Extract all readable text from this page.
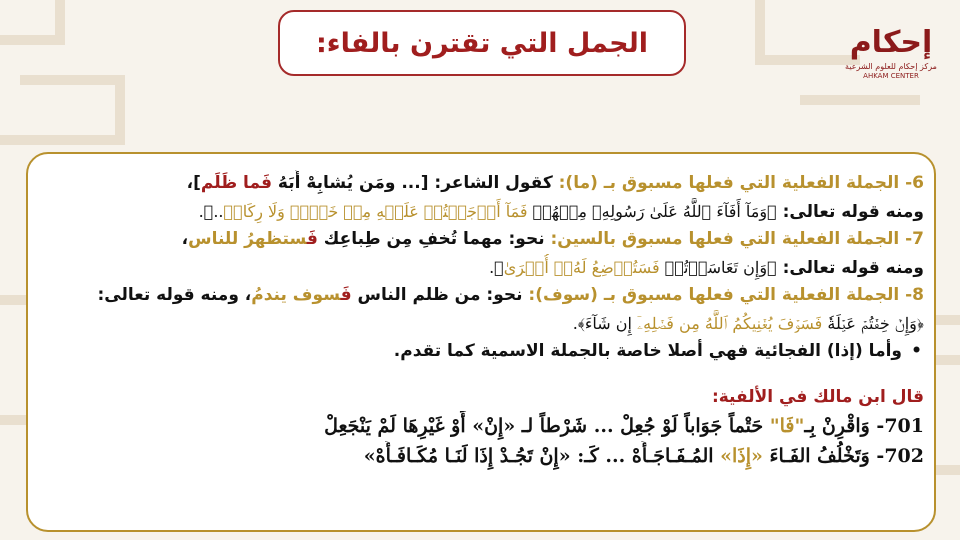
الجمل التي تقترن بالفاء:	إحكام
مركز إحكام للعلوم الشرعية
AHKAM CENTER
6- الجملة الفعلية التي فعلها مسبوق بـ (ما): كقول الشاعر: [... ومَن يُشابِهْ أَبَهُ فَما ظَلَم]،
ومنه قوله تعالى: ﴿وَمَآ أَفَآءَ ٱللَّهُ عَلَىٰ رَسُولِهِۦ مِنۡهُمۡ فَمَآ أَوۡجَفۡتُمۡ عَلَيۡهِ مِنۡ خَيۡلٖ وَلَا رِكَابٖ..﴾.
7- الجملة الفعلية التي فعلها مسبوق بالسين: نحو: مهما تُخفِ مِن طِباعِك فَستظهرُ للناس،
ومنه قوله تعالى: ﴿وَإِن تَعَاسَرۡتُمۡ فَسَتُرۡضِعُ لَهُۥٓ أُخۡرَىٰ﴾.
8- الجملة الفعلية التي فعلها مسبوق بـ (سوف): نحو: من ظلم الناس فَسوف يندمُ، ومنه قوله تعالى:
﴿وَإِنۡ خِفۡتُمۡ عَيۡلَةٗ فَسَوۡفَ يُغۡنِيكُمُ ٱللَّهُ مِن فَضۡلِهِۦٓ إِن شَآءَ﴾.
•
وأما (إذا) الفجائية فهي أصلا خاصة بالجملة الاسمية كما تقدم.
قال ابن مالك في الألفية:
701- وَاقْرِنْ بِـ"فَا" حَتْماً جَوَاباً لَوْ جُعِلْ ... شَرْطاً لـ «إِنْ» أَوْ غَيْرِهَا لَمْ يَنْجَعِلْ
702- وَتَخْلُفُ الفَـاءَ «إِذَا» المُـفَـاجَـأَهْ ... كَـ: «إِنْ تَجُـدْ إِذَا لَنَـا مُكَـافَـأَهْ»
